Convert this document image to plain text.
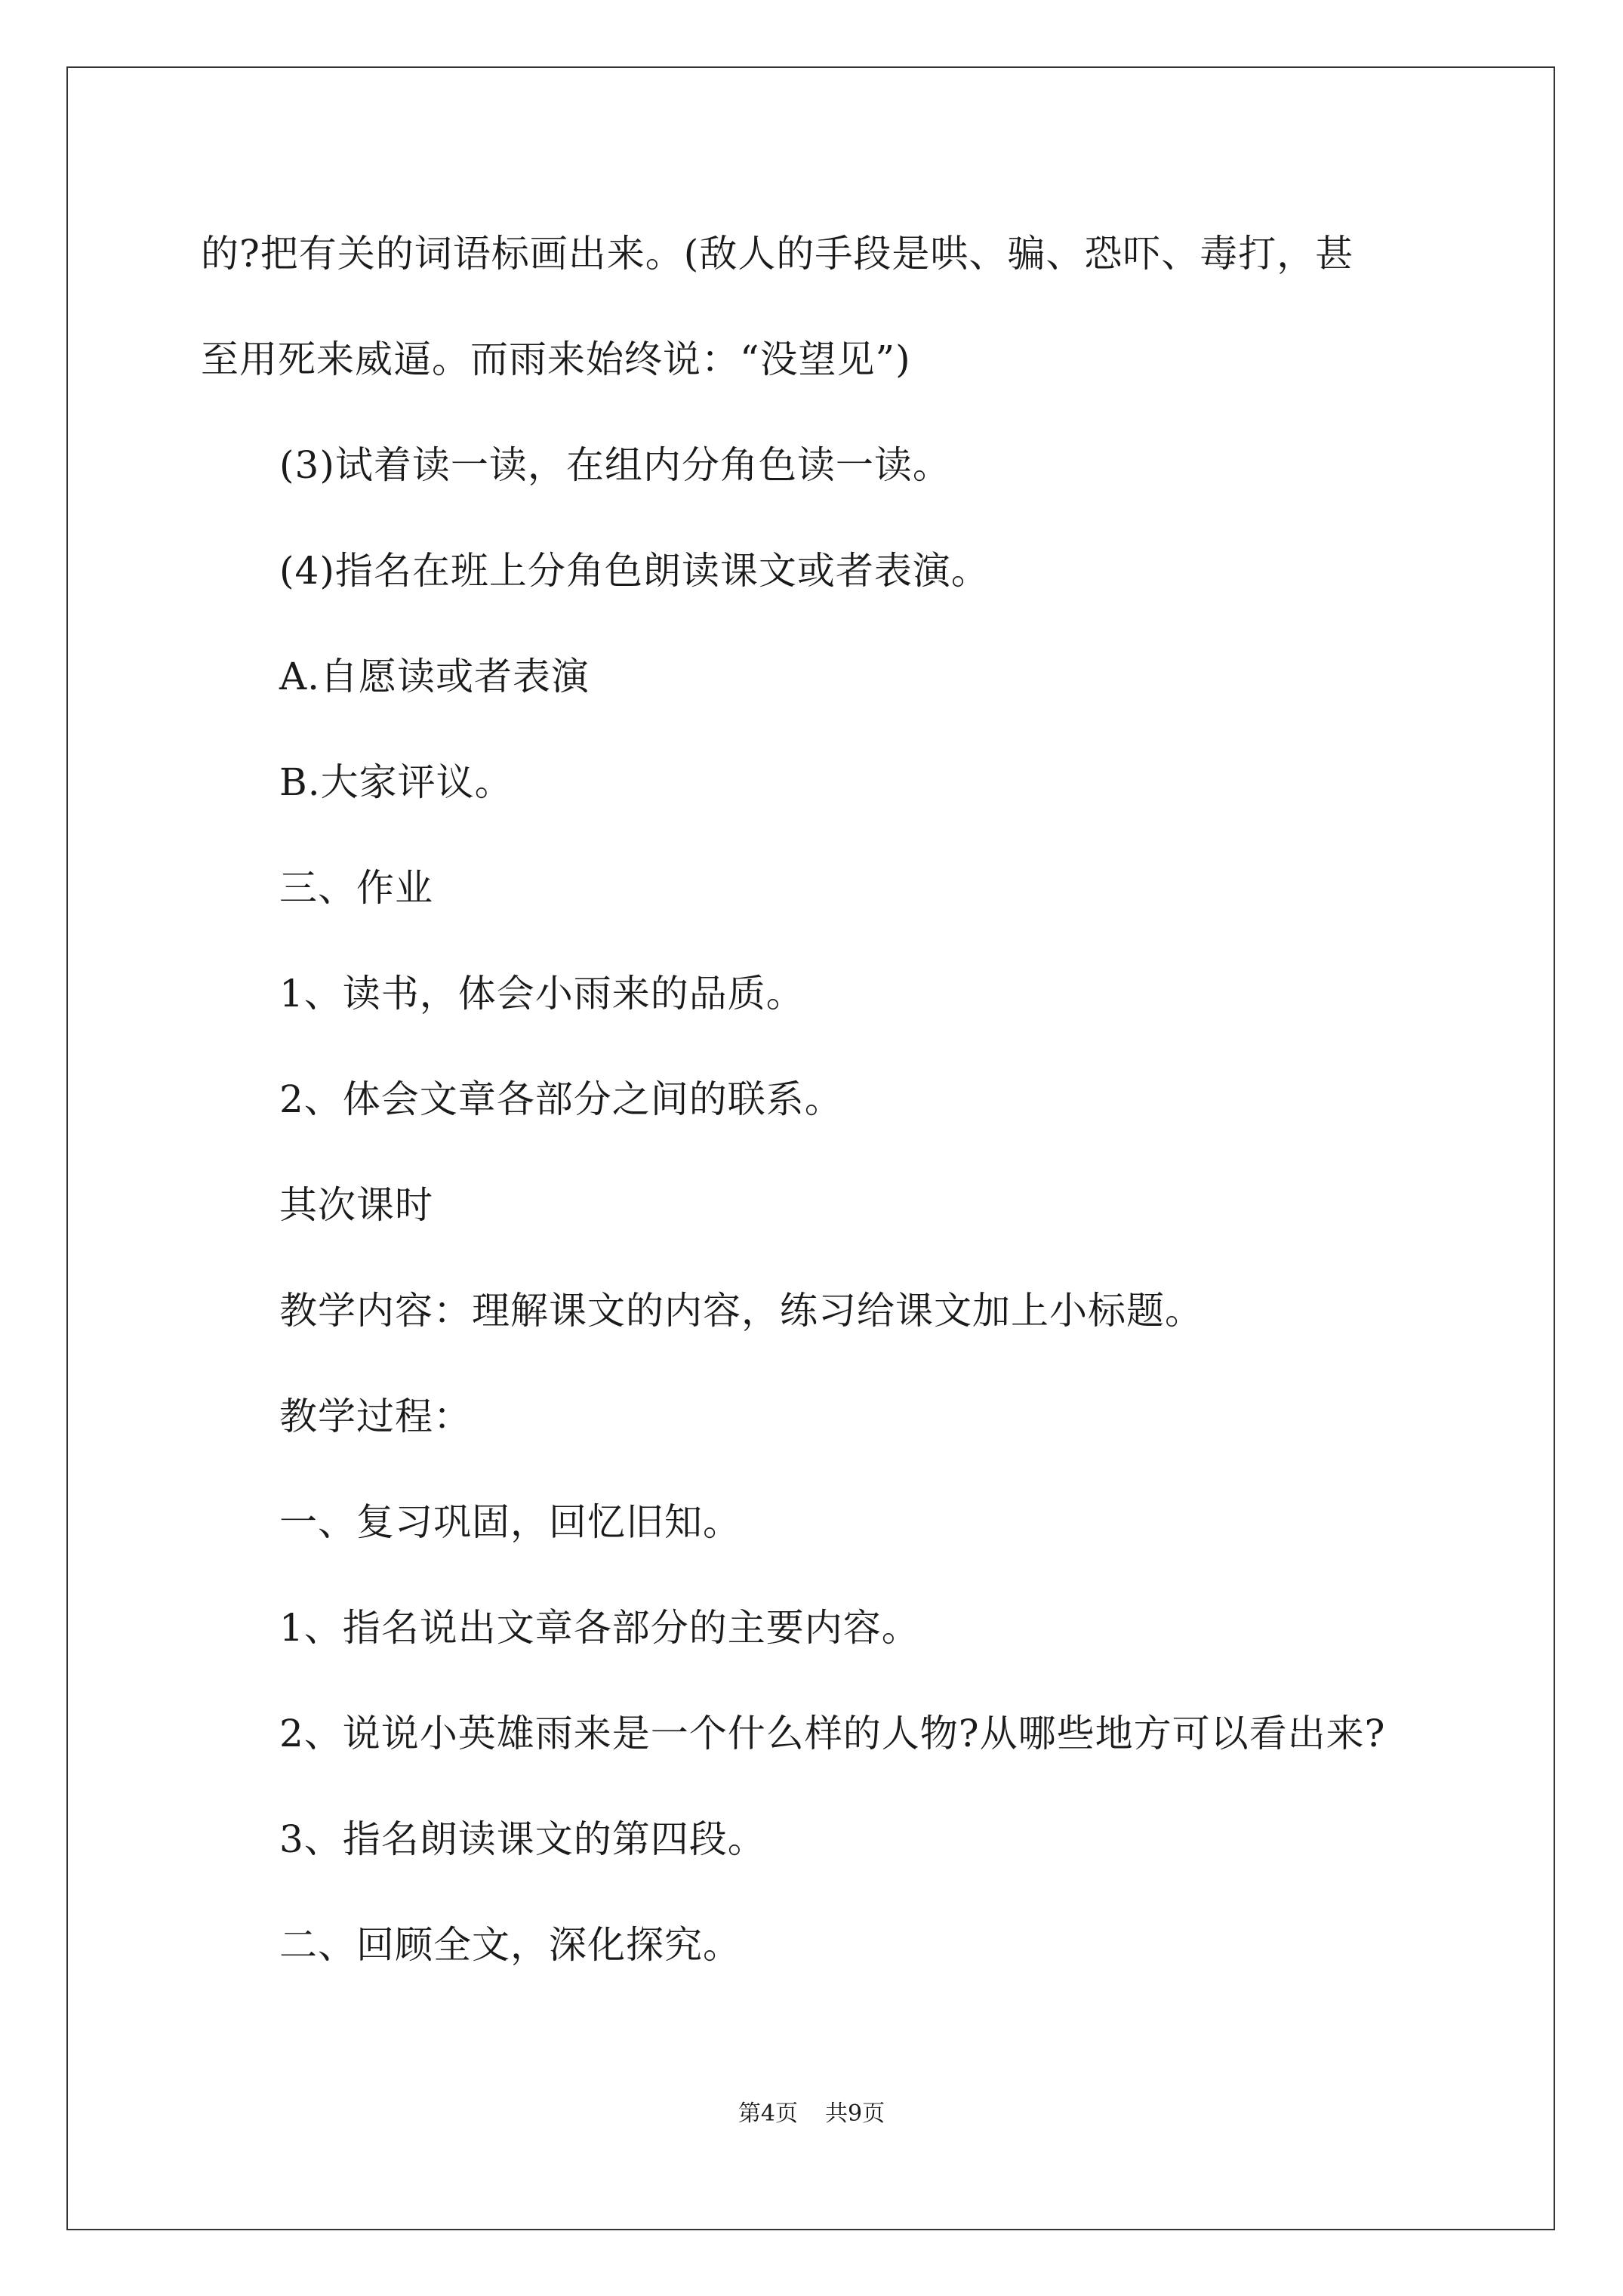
的?把有关的词语标画出来。(敌人的手段是哄、骗、恐吓、毒打，甚
至用死来威逼。而雨来始终说：“没望见”)
(3)试着读一读，在组内分角色读一读。
(4)指名在班上分角色朗读课文或者表演。
A.自愿读或者表演
B.大家评议。
三、作业
1、读书，体会小雨来的品质。
2、体会文章各部分之间的联系。
其次课时
教学内容：理解课文的内容，练习给课文加上小标题。
教学过程：
一、复习巩固，回忆旧知。
1、指名说出文章各部分的主要内容。
2、说说小英雄雨来是一个什么样的人物?从哪些地方可以看出来?
3、指名朗读课文的第四段。
二、回顾全文，深化探究。
第4页 共9页
